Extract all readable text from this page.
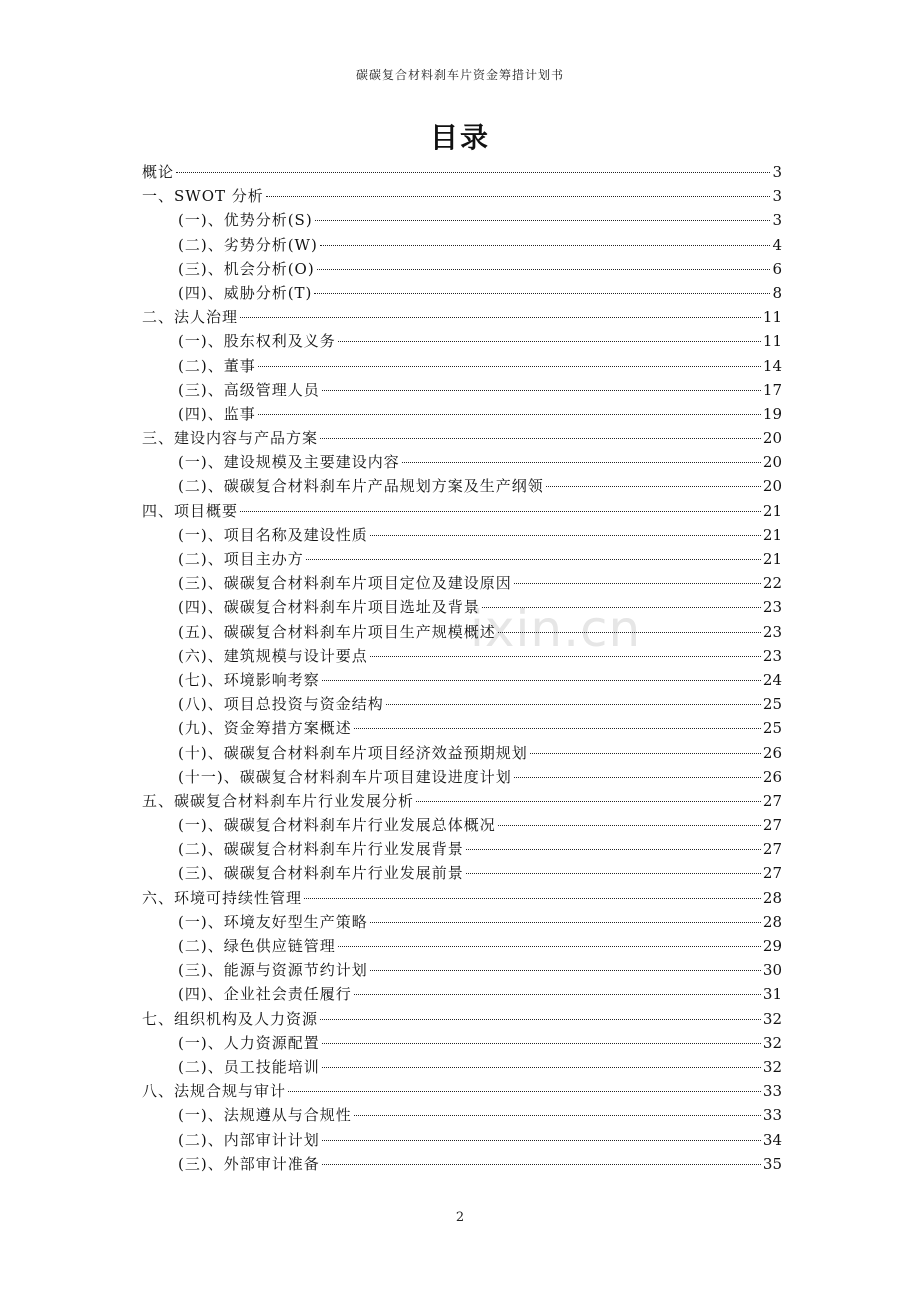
碳碳复合材料刹车片资金筹措计划书
目录
ixin.cn
概论	3
一、SWOT 分析	3
(一)、优势分析(S)	3
(二)、劣势分析(W)	4
(三)、机会分析(O)	6
(四)、威胁分析(T)	8
二、法人治理	11
(一)、股东权利及义务	11
(二)、董事	14
(三)、高级管理人员	17
(四)、监事	19
三、建设内容与产品方案	20
(一)、建设规模及主要建设内容	20
(二)、碳碳复合材料刹车片产品规划方案及生产纲领	20
四、项目概要	21
(一)、项目名称及建设性质	21
(二)、项目主办方	21
(三)、碳碳复合材料刹车片项目定位及建设原因	22
(四)、碳碳复合材料刹车片项目选址及背景	23
(五)、碳碳复合材料刹车片项目生产规模概述	23
(六)、建筑规模与设计要点	23
(七)、环境影响考察	24
(八)、项目总投资与资金结构	25
(九)、资金筹措方案概述	25
(十)、碳碳复合材料刹车片项目经济效益预期规划	26
(十一)、碳碳复合材料刹车片项目建设进度计划	26
五、碳碳复合材料刹车片行业发展分析	27
(一)、碳碳复合材料刹车片行业发展总体概况	27
(二)、碳碳复合材料刹车片行业发展背景	27
(三)、碳碳复合材料刹车片行业发展前景	27
六、环境可持续性管理	28
(一)、环境友好型生产策略	28
(二)、绿色供应链管理	29
(三)、能源与资源节约计划	30
(四)、企业社会责任履行	31
七、组织机构及人力资源	32
(一)、人力资源配置	32
(二)、员工技能培训	32
八、法规合规与审计	33
(一)、法规遵从与合规性	33
(二)、内部审计计划	34
(三)、外部审计准备	35
2
